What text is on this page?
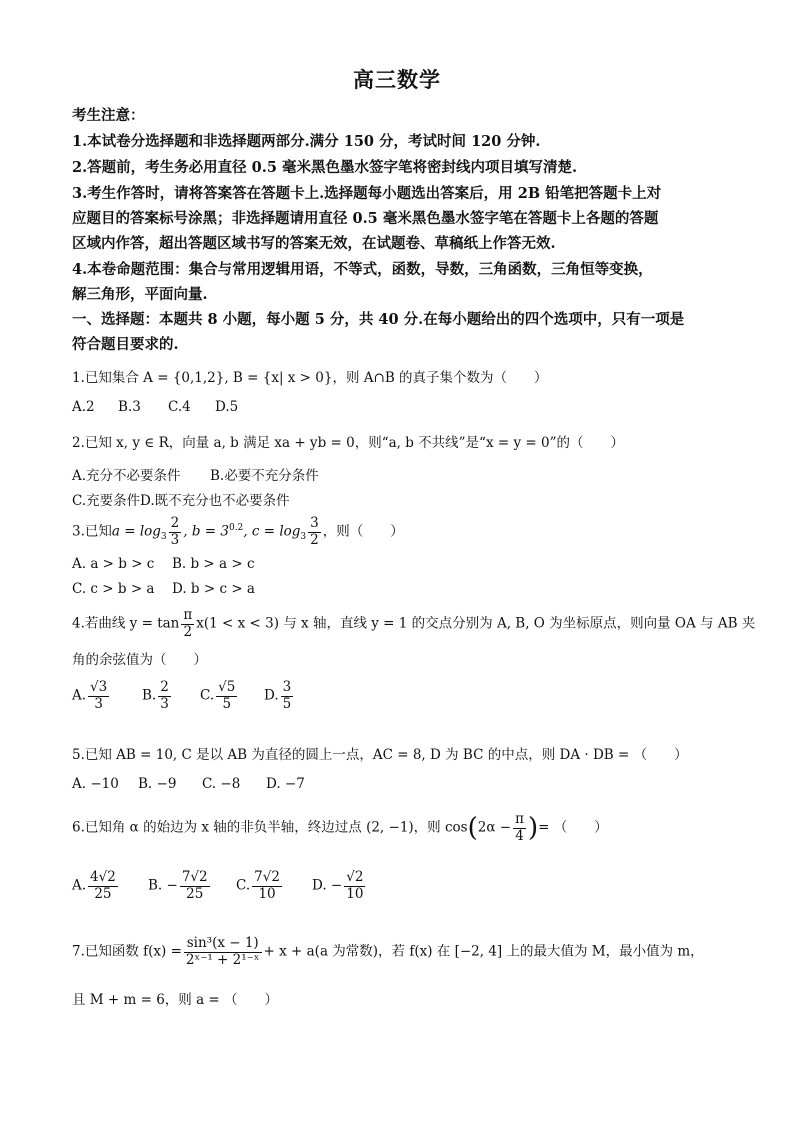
高三数学
考生注意：
1.本试卷分选择题和非选择题两部分.满分 150 分，考试时间 120 分钟.
2.答题前，考生务必用直径 0.5 毫米黑色墨水签字笔将密封线内项目填写清楚.
3.考生作答时，请将答案答在答题卡上.选择题每小题选出答案后，用 2B 铅笔把答题卡上对
应题目的答案标号涂黑；非选择题请用直径 0.5 毫米黑色墨水签字笔在答题卡上各题的答题
区域内作答，超出答题区域书写的答案无效，在试题卷、草稿纸上作答无效.
4.本卷命题范围：集合与常用逻辑用语，不等式，函数，导数，三角函数，三角恒等变换，
解三角形，平面向量.
一、选择题：本题共 8 小题，每小题 5 分，共 40 分.在每小题给出的四个选项中，只有一项是
符合题目要求的.
1.已知集合 A = {0,1,2}, B = {x| x > 0}，则 A∩B 的真子集个数为（　　）
A.2 B.3 C.4 D.5
2.已知 x, y ∈ R，向量 a, b 满足 xa + yb = 0，则“a, b 不共线”是“x = y = 0”的（　　）
A.充分不必要条件 B.必要不充分条件
C.充要条件 D.既不充分也不必要条件
3.已知$a = \log_3 \frac{2}{3}$ , $b = 3^{0.2}$, $c = \log_3 \frac{3}{2}$ ，则（　　）
A. a > b > c B. b > a > c
C. c > b > a D. b > c > a
4.若曲线 $y = \tan \frac{\pi}{2} x(1 < x < 3)$ 与 x 轴，直线 y = 1 的交点分别为 A, B, O 为坐标原点，则向量 OA 与 AB 夹
角的余弦值为（　　）
A. $\frac{√3}{3} B$. $\frac{2}{3} C$. $\frac{√5}{5} D$. $\frac{3}{5}$
5.已知 AB = 10, C 是以 AB 为直径的圆上一点，AC = 8, D 为 BC 的中点，则 DA · DB = （　　）
A. −10 B. −9 C. −8 D. −7
6.已知角 α 的始边为 x 轴的非负半轴，终边过点 (2, −1)，则 $\cos(2\alpha - \frac{\pi}{4}$ )= （　　）
A. $\frac{4√2}{25} B$. − $\frac{7√2}{25} C$. $\frac{7√2}{10} D$. − $\frac{√2}{10}$
7.已知函数 $f(x) = \frac{\text{sin³(x − 1)}}{\text{2ˣ⁻¹ + 2¹⁻ˣ}} + x + a(a$ 为常数)，若 f(x) 在 [−2, 4] 上的最大值为 M，最小值为 m，
且 M + m = 6，则 a = （　　）
